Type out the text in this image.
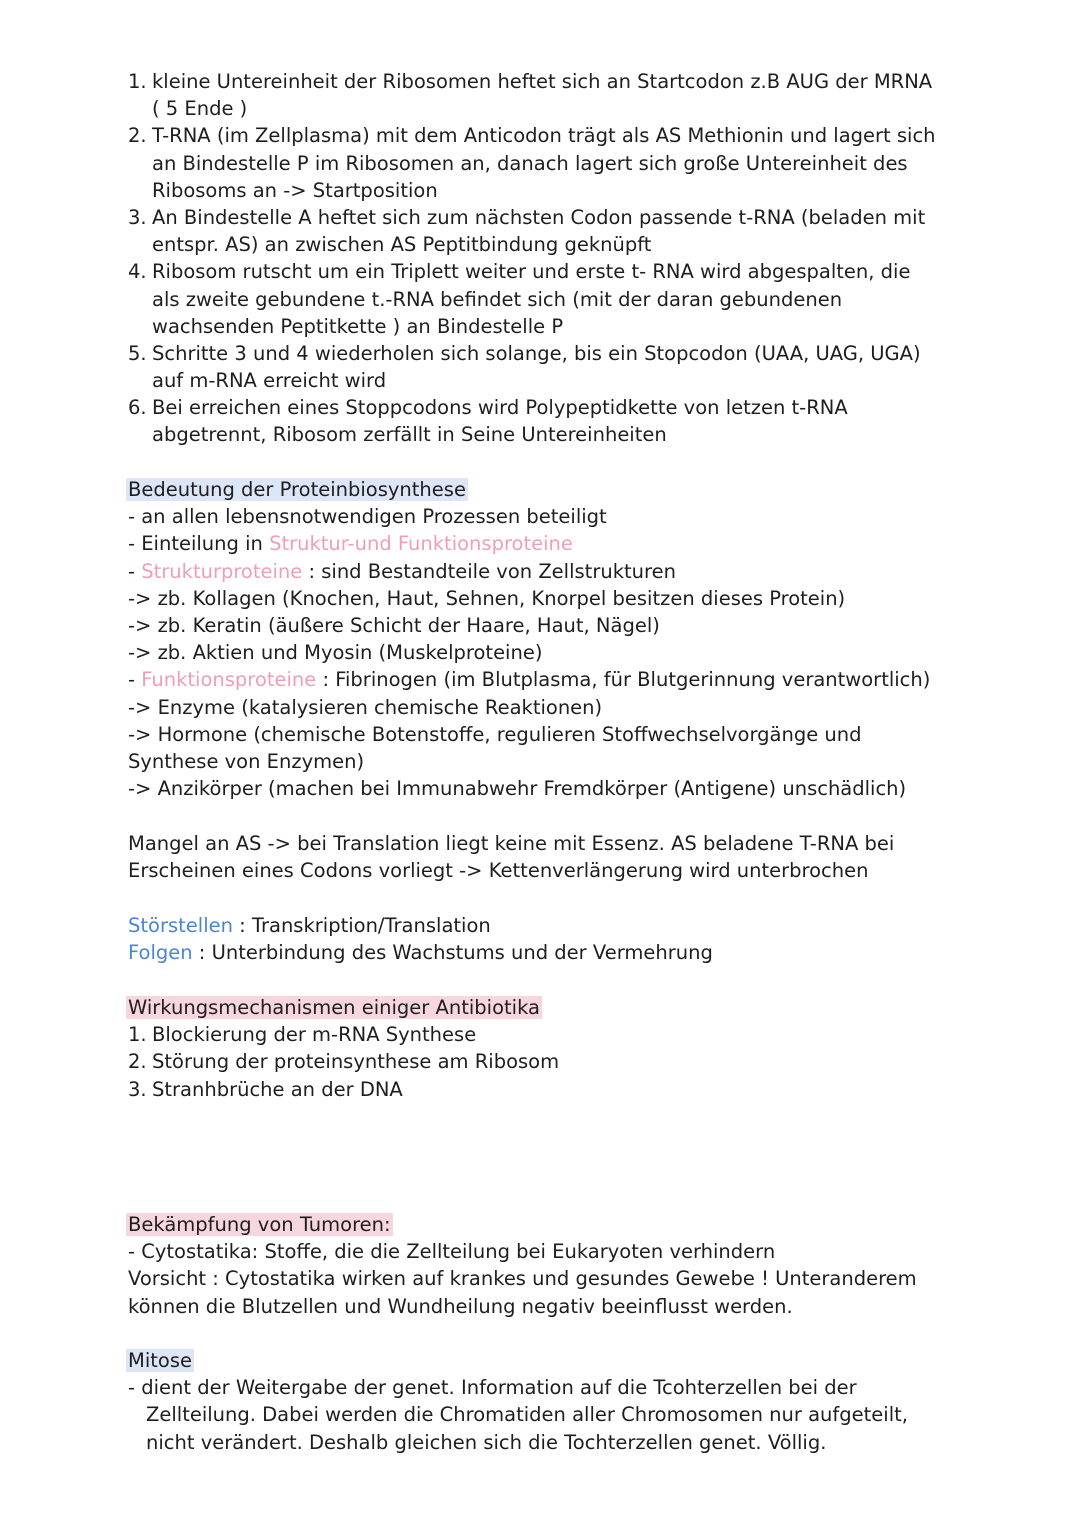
1. kleine Untereinheit der Ribosomen heftet sich an Startcodon z.B AUG der MRNA
( 5 Ende )
2. T-RNA (im Zellplasma) mit dem Anticodon trägt als AS Methionin und lagert sich
an Bindestelle P im Ribosomen an, danach lagert sich große Untereinheit des
Ribosoms an -> Startposition
3. An Bindestelle A heftet sich zum nächsten Codon passende t-RNA (beladen mit
entspr. AS) an zwischen AS Peptitbindung geknüpft
4. Ribosom rutscht um ein Triplett weiter und erste t- RNA wird abgespalten, die
als zweite gebundene t.-RNA befindet sich (mit der daran gebundenen
wachsenden Peptitkette ) an Bindestelle P
5. Schritte 3 und 4 wiederholen sich solange, bis ein Stopcodon (UAA, UAG, UGA)
auf m-RNA erreicht wird
6. Bei erreichen eines Stoppcodons wird Polypeptidkette von letzen t-RNA
abgetrennt, Ribosom zerfällt in Seine Untereinheiten
Bedeutung der Proteinbiosynthese
- an allen lebensnotwendigen Prozessen beteiligt
- Einteilung in Struktur-und Funktionsproteine
- Strukturproteine : sind Bestandteile von Zellstrukturen
-> zb. Kollagen (Knochen, Haut, Sehnen, Knorpel besitzen dieses Protein)
-> zb. Keratin (äußere Schicht der Haare, Haut, Nägel)
-> zb. Aktien und Myosin (Muskelproteine)
- Funktionsproteine : Fibrinogen (im Blutplasma, für Blutgerinnung verantwortlich)
-> Enzyme (katalysieren chemische Reaktionen)
-> Hormone (chemische Botenstoffe, regulieren Stoffwechselvorgänge und
Synthese von Enzymen)
-> Anzikörper (machen bei Immunabwehr Fremdkörper (Antigene) unschädlich)
Mangel an AS -> bei Translation liegt keine mit Essenz. AS beladene T-RNA bei
Erscheinen eines Codons vorliegt -> Kettenverlängerung wird unterbrochen
Störstellen : Transkription/Translation
Folgen : Unterbindung des Wachstums und der Vermehrung
Wirkungsmechanismen einiger Antibiotika
1. Blockierung der m-RNA Synthese
2. Störung der proteinsynthese am Ribosom
3. Stranhbrüche an der DNA
Bekämpfung von Tumoren:
- Cytostatika: Stoffe, die die Zellteilung bei Eukaryoten verhindern
Vorsicht : Cytostatika wirken auf krankes und gesundes Gewebe ! Unteranderem
können die Blutzellen und Wundheilung negativ beeinflusst werden.
Mitose
- dient der Weitergabe der genet. Information auf die Tcohterzellen bei der
Zellteilung. Dabei werden die Chromatiden aller Chromosomen nur aufgeteilt,
nicht verändert. Deshalb gleichen sich die Tochterzellen genet. Völlig.
